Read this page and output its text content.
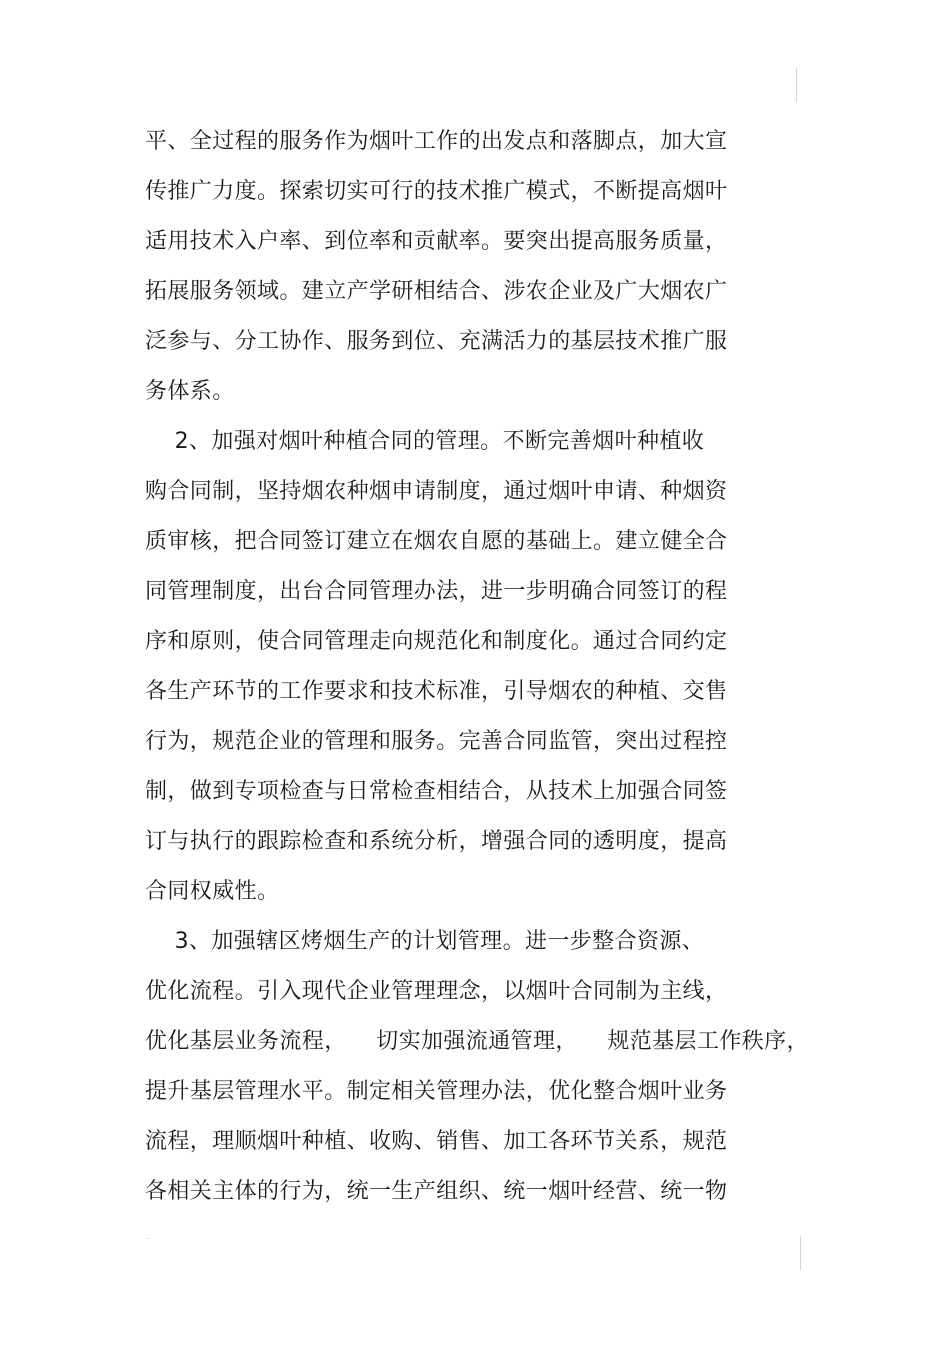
平、全过程的服务作为烟叶工作的出发点和落脚点，加大宣
传推广力度。探索切实可行的技术推广模式，不断提高烟叶
适用技术入户率、到位率和贡献率。要突出提高服务质量，
拓展服务领域。建立产学研相结合、涉农企业及广大烟农广
泛参与、分工协作、服务到位、充满活力的基层技术推广服
务体系。
2、加强对烟叶种植合同的管理。不断完善烟叶种植收
购合同制，坚持烟农种烟申请制度，通过烟叶申请、种烟资
质审核，把合同签订建立在烟农自愿的基础上。建立健全合
同管理制度，出台合同管理办法，进一步明确合同签订的程
序和原则，使合同管理走向规范化和制度化。通过合同约定
各生产环节的工作要求和技术标准，引导烟农的种植、交售
行为，规范企业的管理和服务。完善合同监管，突出过程控
制，做到专项检查与日常检查相结合，从技术上加强合同签
订与执行的跟踪检查和系统分析，增强合同的透明度，提高
合同权威性。
3、加强辖区烤烟生产的计划管理。进一步整合资源、
优化流程。引入现代企业管理理念，以烟叶合同制为主线，
优化基层业务流程，    切实加强流通管理，    规范基层工作秩序，
提升基层管理水平。制定相关管理办法，优化整合烟叶业务
流程，理顺烟叶种植、收购、销售、加工各环节关系，规范
各相关主体的行为，统一生产组织、统一烟叶经营、统一物
